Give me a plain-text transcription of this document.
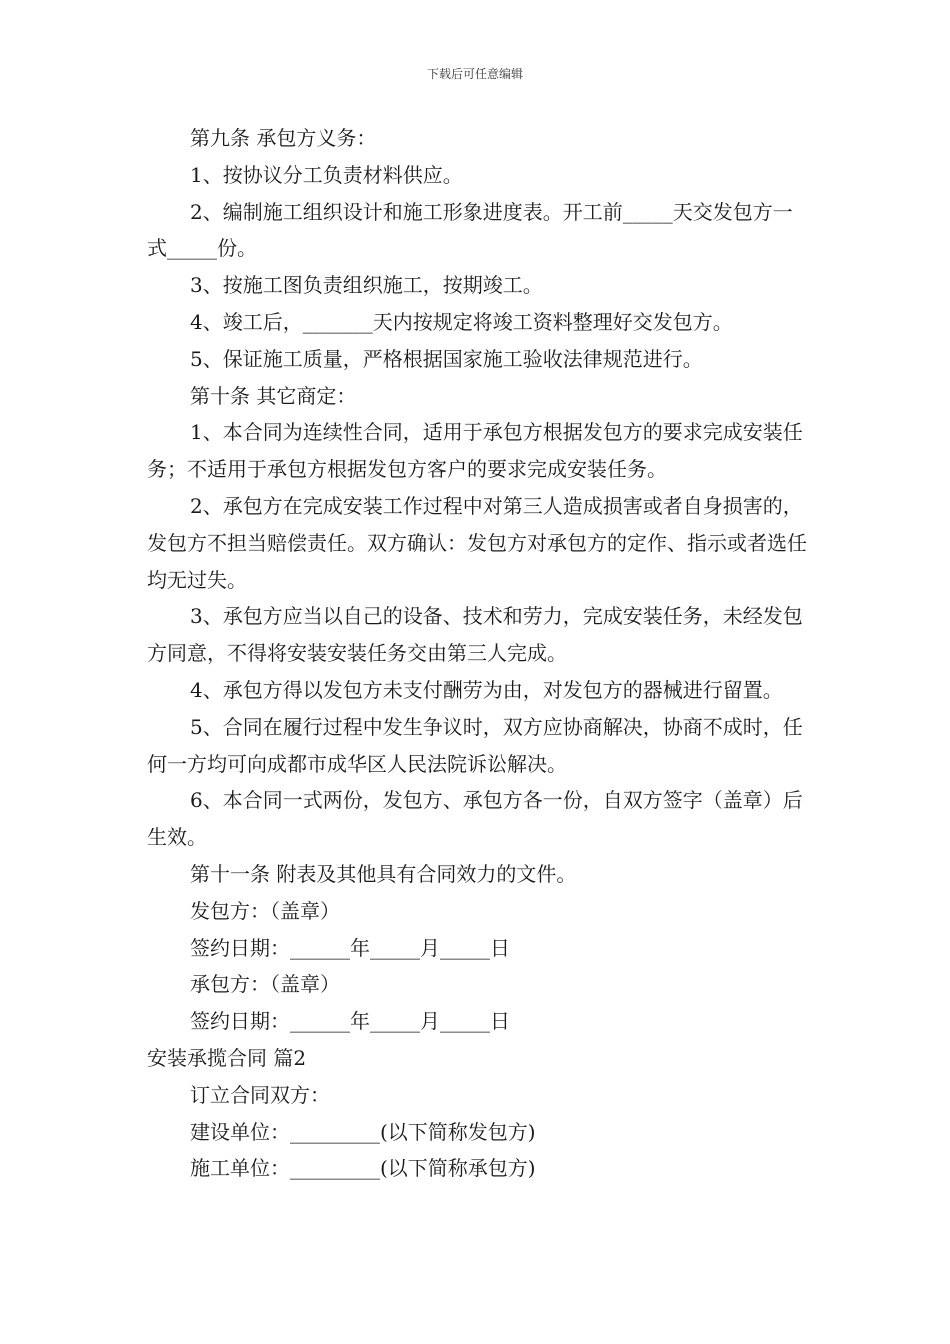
下载后可任意编辑

第九条 承包方义务：

1、按协议分工负责材料供应。

2、编制施工组织设计和施工形象进度表。开工前_____天交发包方一式_____份。

3、按施工图负责组织施工，按期竣工。

4、竣工后，_______天内按规定将竣工资料整理好交发包方。

5、保证施工质量，严格根据国家施工验收法律规范进行。

第十条 其它商定：

1、本合同为连续性合同，适用于承包方根据发包方的要求完成安装任务；不适用于承包方根据发包方客户的要求完成安装任务。

2、承包方在完成安装工作过程中对第三人造成损害或者自身损害的，发包方不担当赔偿责任。双方确认：发包方对承包方的定作、指示或者选任均无过失。

3、承包方应当以自己的设备、技术和劳力，完成安装任务，未经发包方同意，不得将安装安装任务交由第三人完成。

4、承包方得以发包方未支付酬劳为由，对发包方的器械进行留置。

5、合同在履行过程中发生争议时，双方应协商解决，协商不成时，任何一方均可向成都市成华区人民法院诉讼解决。

6、本合同一式两份，发包方、承包方各一份，自双方签字（盖章）后生效。

第十一条 附表及其他具有合同效力的文件。

发包方：（盖章）

签约日期：______年_____月_____日

承包方：（盖章）

签约日期：______年_____月_____日

安装承揽合同 篇2

订立合同双方：

建设单位：_________(以下简称发包方)

施工单位：_________(以下简称承包方)
